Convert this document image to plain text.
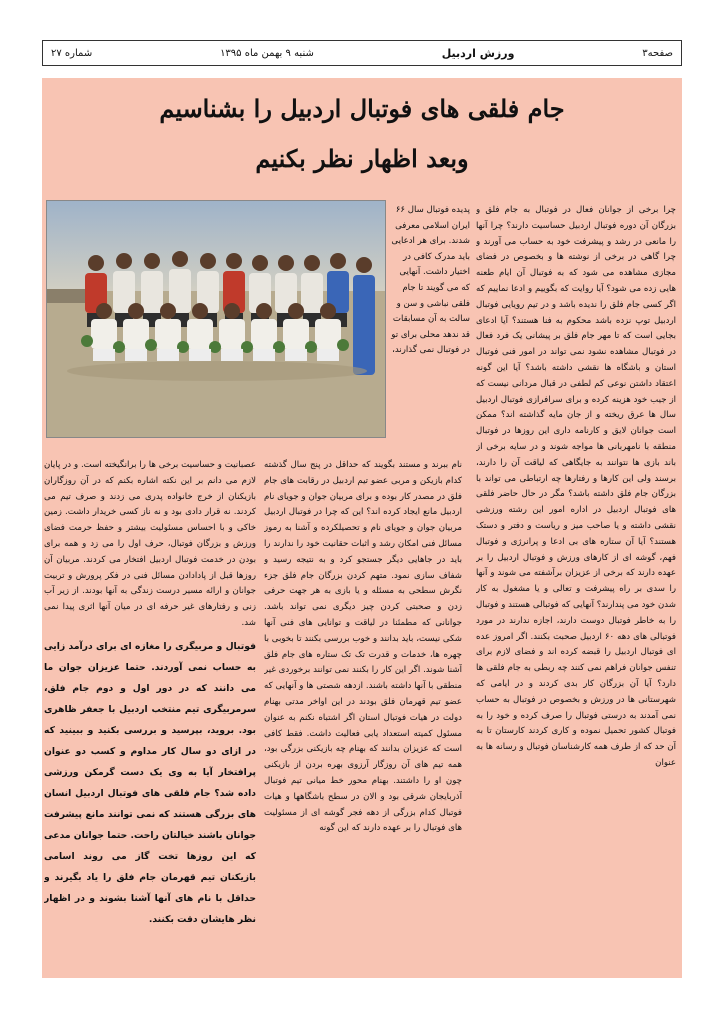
صفحه۳
ورزش اردبیل
شنبه ۹ بهمن ماه ۱۳۹۵
شماره ۲۷
جام فلقی های فوتبال اردبیل را بشناسیم
وبعد اظهار نظر بکنیم
پدیده فوتبال سال ۶۶ ایران اسلامی معرفی شدند. برای هر ادعایی باید مدرک کافی در اختیار داشت. آنهایی که می گویند تا جام فلقی نباشی و سن و سالت به آن مسابقات قد ندهد محلی برای تو در فوتبال نمی گذارند،
چرا برخی از جوانان فعال در فوتبال به جام فلق و بزرگان آن دوره فوتبال اردبیل حساسیت دارند؟ چرا آنها را مانعی در رشد و پیشرفت خود به حساب می آورند و چرا گاهی در برخی از نوشته ها و بخصوص در فضای مجازی مشاهده می شود که به فوتبال آن ایام طعنه هایی زده می شود؟ آیا روایت که بگوییم و ادعا نماییم که اگر کسی جام فلق را ندیده باشد و در تیم رویایی فوتبال اردبیل توپ نزده باشد محکوم به فنا هستند؟ آیا ادعای بجایی است که تا مهر جام فلق بر پیشانی یک فرد فعال در فوتبال مشاهده نشود نمی تواند در امور فنی فوتبال استان و باشگاه ها نقشی داشته باشد؟ آیا این گونه اعتقاد داشتن نوعی کم لطفی در قبال مردانی نیست که از جیب خود هزینه کرده و برای سرافرازی فوتبال اردبیل سال ها عرق ریخته و از جان مایه گذاشته اند؟ ممکن است جوانان لایق و کارنامه داری این روزها در فوتبال منطقه با نامهربانی ها مواجه شوند و در سایه برخی از باند بازی ها نتوانند به جایگاهی که لیاقت آن را دارند، برسند ولی این کارها و رفتارها چه ارتباطی می تواند با بزرگان جام فلق داشته باشد؟ مگر در حال حاضر فلقی های فوتبال اردبیل در اداره امور این رشته ورزشی نقشی داشته و یا صاحب میز و ریاست و دفتر و دستک هستند؟ آیا آن ستاره های بی ادعا و پرانرژی و فوتبال فهم، گوشه ای از کارهای ورزش و فوتبال اردبیل را بر عهده دارند که برخی از عزیزان برآشفته می شوند و آنها را سدی بر راه پیشرفت و تعالی و یا مشغول به کار شدن خود می پندارند؟ آنهایی که فوتبالی هستند و فوتبال را به خاطر فوتبال دوست دارند، اجازه ندارند در مورد فوتبالی های دهه ۶۰ اردبیل صحبت بکنند. اگر امروز عده ای فوتبال اردبیل را قبضه کرده اند و فضای لازم برای تنفس جوانان فراهم نمی کنند چه ربطی به جام فلقی ها دارد؟ آیا آن بزرگان کار بدی کردند و در ایامی که شهرستانی ها در ورزش و بخصوص در فوتبال به حساب نمی آمدند به درستی فوتبال را صرف کرده و خود را به فوتبال کشور تحمیل نموده و کاری کردند کارستان تا به آن حد که از طرف همه کارشناسان فوتبال و رسانه ها به عنوان
نام ببرند و مستند بگویند که حداقل در پنج سال گذشته کدام بازیکن و مربی عضو تیم اردبیل در رقابت های جام فلق در مصدر کار بوده و برای مربیان جوان و جویای نام اردبیل مانع ایجاد کرده اند؟ این که چرا در فوتبال اردبیل مربیان جوان و جویای نام و تحصیلکرده و آشنا به رموز مسائل فنی امکان رشد و اثبات حقانیت خود را ندارند را باید در جاهایی دیگر جستجو کرد و به نتیجه رسید و شفاف سازی نمود. متهم کردن بزرگان جام فلق جزء نگرش سطحی به مسئله و یا بازی به هر جهت حرفی زدن و صحبتی کردن چیز دیگری نمی تواند باشد. جوانانی که مطمئنا در لیاقت و توانایی های فنی آنها شکی نیست، باید بدانند و خوب بررسی بکنند تا بخوبی با چهره ها، خدمات و قدرت تک تک ستاره های جام فلق آشنا شوند. اگر این کار را بکنند نمی توانند برخوردی غیر منطقی با آنها داشته باشند. ازدهه شصتی ها و آنهایی که عضو تیم قهرمان فلق بودند در این اواخر مدتی بهنام دولت در هیات فوتبال استان اگر اشتباه نکنم به عنوان مسئول کمیته استعداد یابی فعالیت داشت. فقط کافی است که عزیزان بدانند که بهنام چه بازیکنی بزرگی بود، همه تیم های آن روزگار آرزوی بهره بردن از بازیکنی چون او را داشتند. بهنام محور خط میانی تیم فوتبال آذربایجان شرقی بود و الان در سطح باشگاهها و هیات فوتبال کدام بزرگی از دهه فجر گوشه ای از مسئولیت های فوتبال را بر عهده دارند که این گونه

عصبانیت و حساسیت برخی ها را برانگیخته است. و در پایان لازم می دانم بر این نکته اشاره بکنم که در آن روزگاران بازیکنان از خرج خانواده پدری می زدند و صرف تیم می کردند. نه قرار دادی بود و نه ناز کسی خریدار داشت. زمین خاکی و با احساس مسئولیت بیشتر و حفظ حرمت فضای ورزش و بزرگان فوتبال، حرف اول را می زد و همه برای بودن در خدمت فوتبال اردبیل افتخار می کردند. مربیان آن روزها قبل از پادادادن مسائل فنی در فکر پرورش و تربیت جوانان و ارائه مسیر درست زندگی به آنها بودند. از زیر آب زنی و رفتارهای غیر حرفه ای در میان آنها اثری پیدا نمی شد.

فوتبال و مربیگری را مغازه ای برای درآمد زایی به حساب نمی آوردند. حتما عزیزان جوان ما می دانند که در دور اول و دوم جام فلق، سرمربیگری تیم منتخب اردبیل با جعفر ظاهری بود. بروید، بپرسید و بررسی بکنید و ببینید که در ازای دو سال کار مداوم و کسب دو عنوان پرافتخار آیا به وی یک دست گرمکن ورزشی داده شد؟ جام فلقی های فوتبال اردبیل انسان های بزرگی هستند که نمی توانند مانع پیشرفت جوانان باشند خیالتان راحت. حتما جوانان مدعی که این روزها تخت گاز می روند اسامی بازیکنان تیم قهرمان جام فلق را یاد بگیرند و حداقل با نام های آنها آشنا بشوند و در اظهار نظر هایشان دقت بکنند.
